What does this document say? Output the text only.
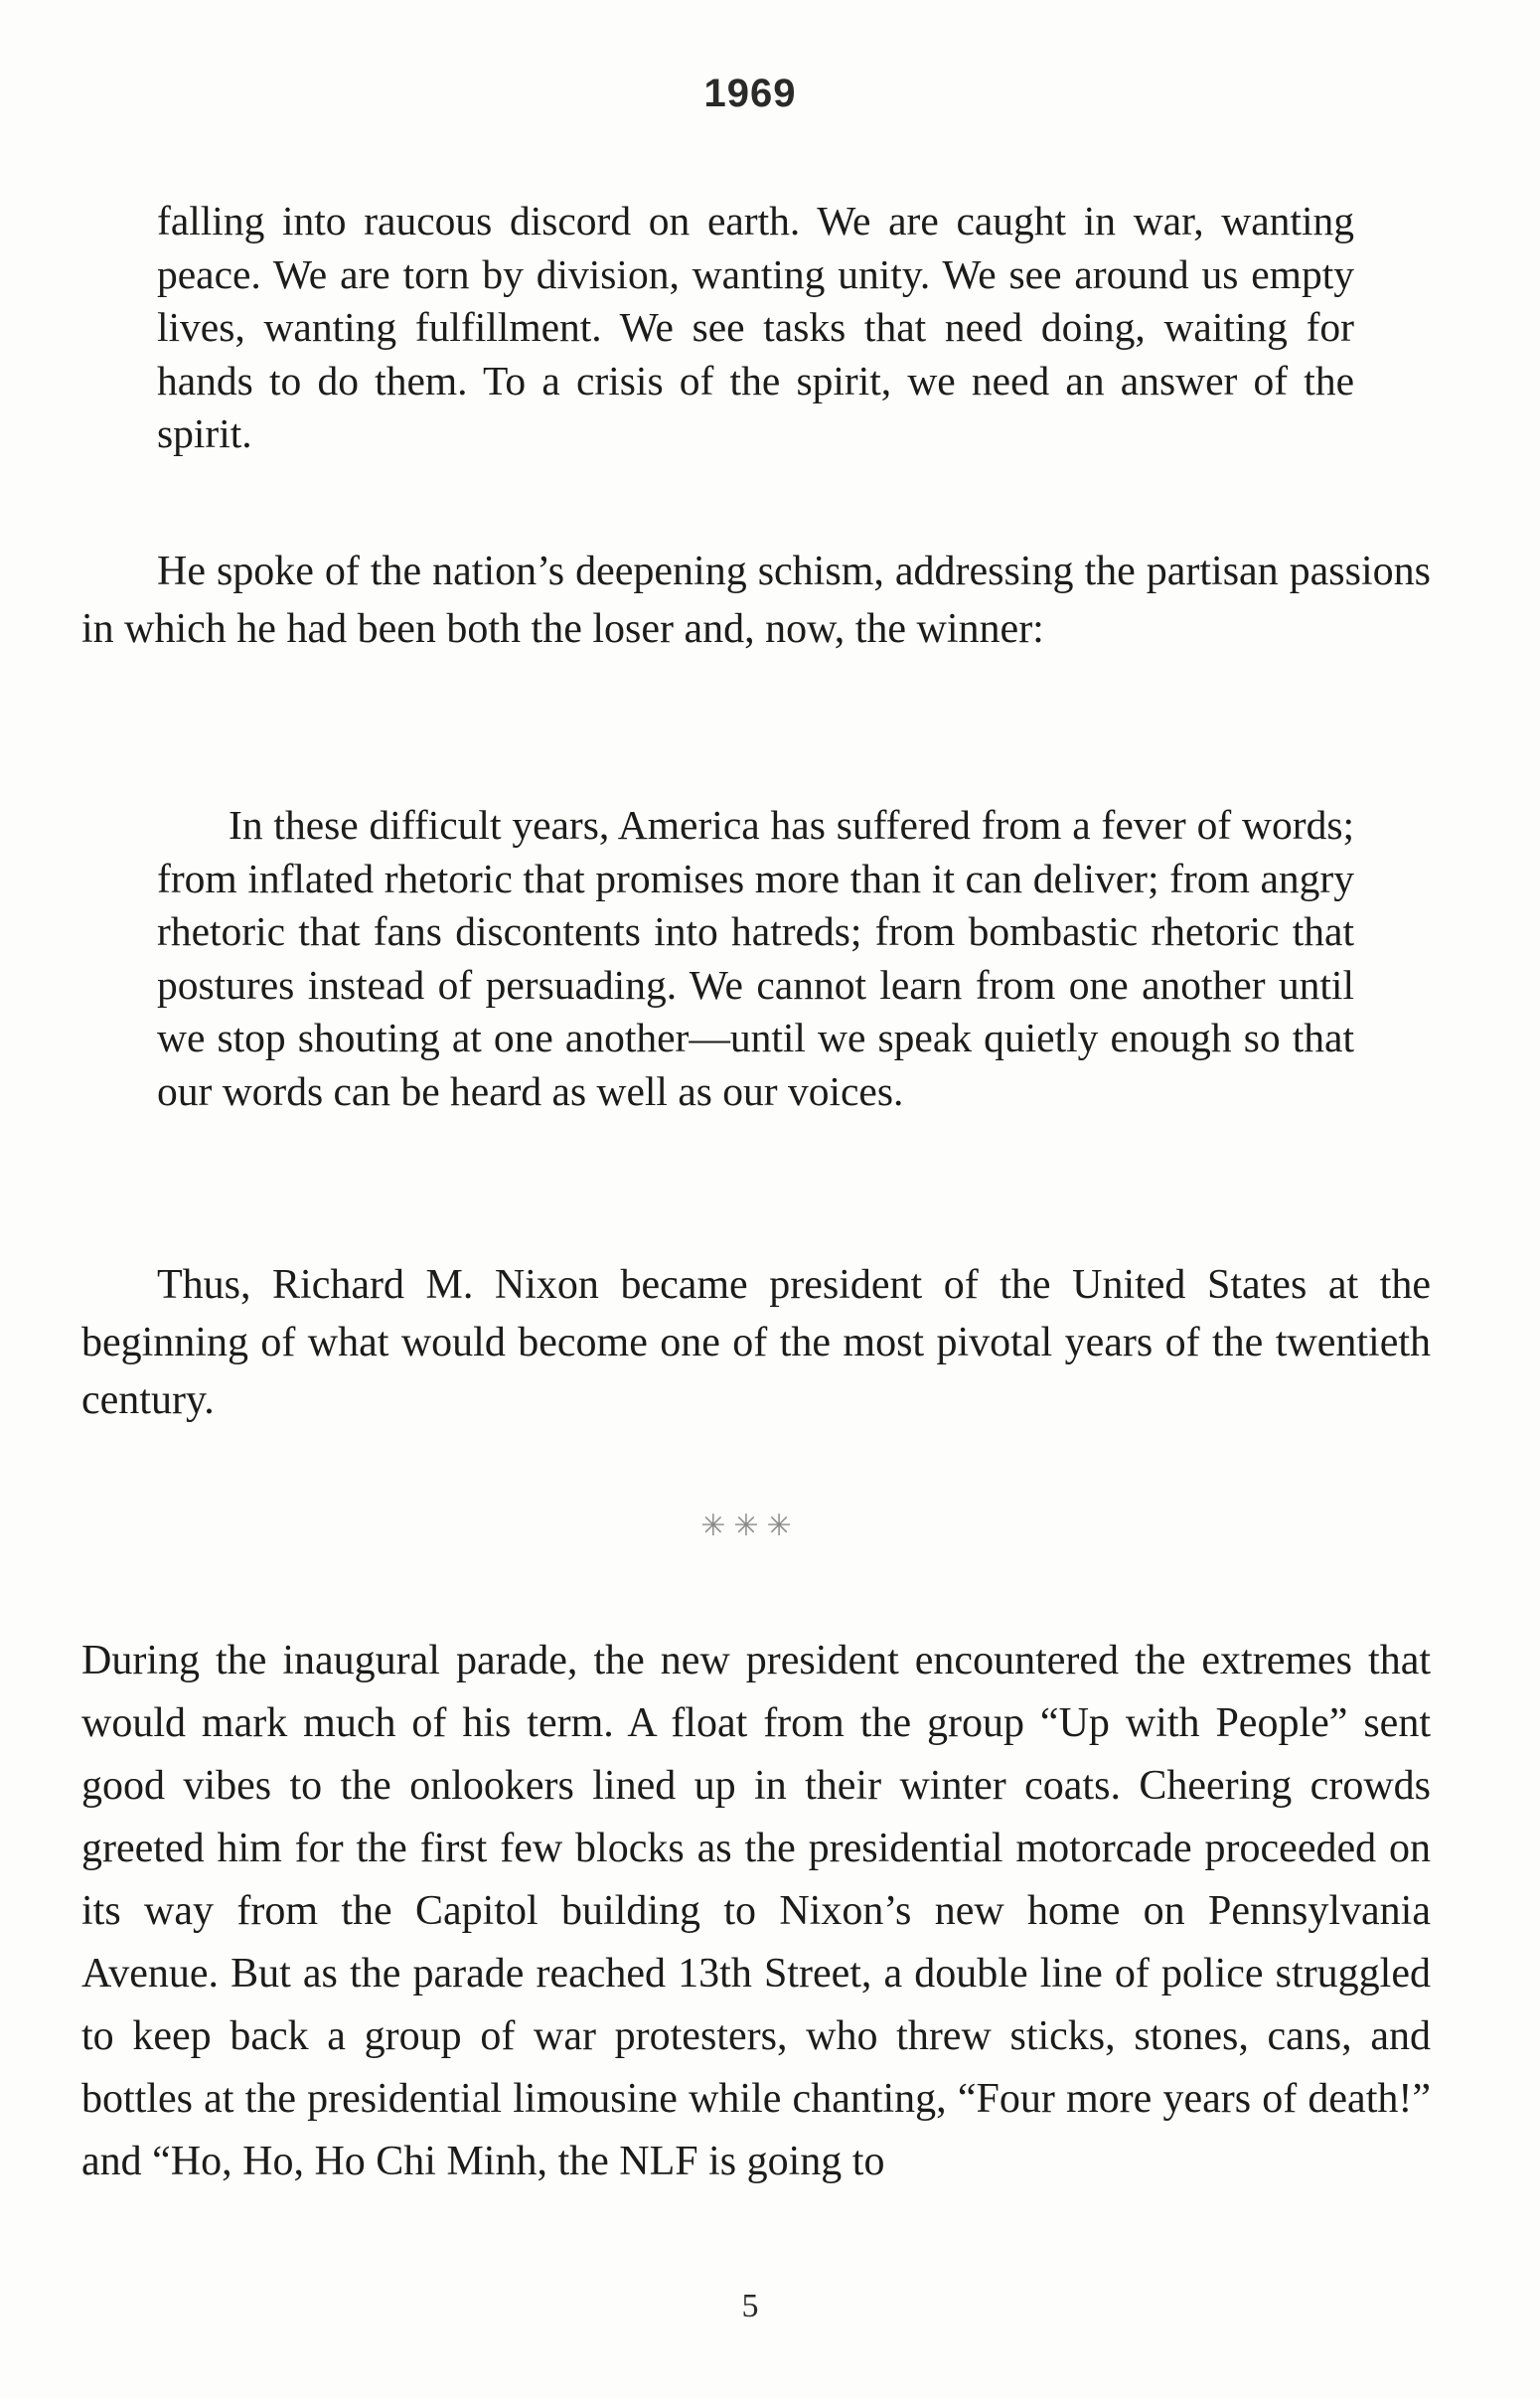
1969
falling into raucous discord on earth. We are caught in war, wanting peace. We are torn by division, wanting unity. We see around us empty lives, wanting fulfillment. We see tasks that need doing, waiting for hands to do them. To a crisis of the spirit, we need an answer of the spirit.
He spoke of the nation’s deepening schism, addressing the partisan passions in which he had been both the loser and, now, the winner:
In these difficult years, America has suffered from a fever of words; from inflated rhetoric that promises more than it can deliver; from angry rhetoric that fans discontents into hatreds; from bombastic rhetoric that postures instead of persuading. We cannot learn from one another until we stop shouting at one another—until we speak quietly enough so that our words can be heard as well as our voices.
Thus, Richard M. Nixon became president of the United States at the beginning of what would become one of the most pivotal years of the twentieth century.
✳✳✳
During the inaugural parade, the new president encountered the extremes that would mark much of his term. A float from the group “Up with People” sent good vibes to the onlookers lined up in their winter coats. Cheering crowds greeted him for the first few blocks as the presidential motorcade proceeded on its way from the Capitol building to Nixon’s new home on Pennsylvania Avenue. But as the parade reached 13th Street, a double line of police struggled to keep back a group of war protesters, who threw sticks, stones, cans, and bottles at the presidential limousine while chanting, “Four more years of death!” and “Ho, Ho, Ho Chi Minh, the NLF is going to
5
